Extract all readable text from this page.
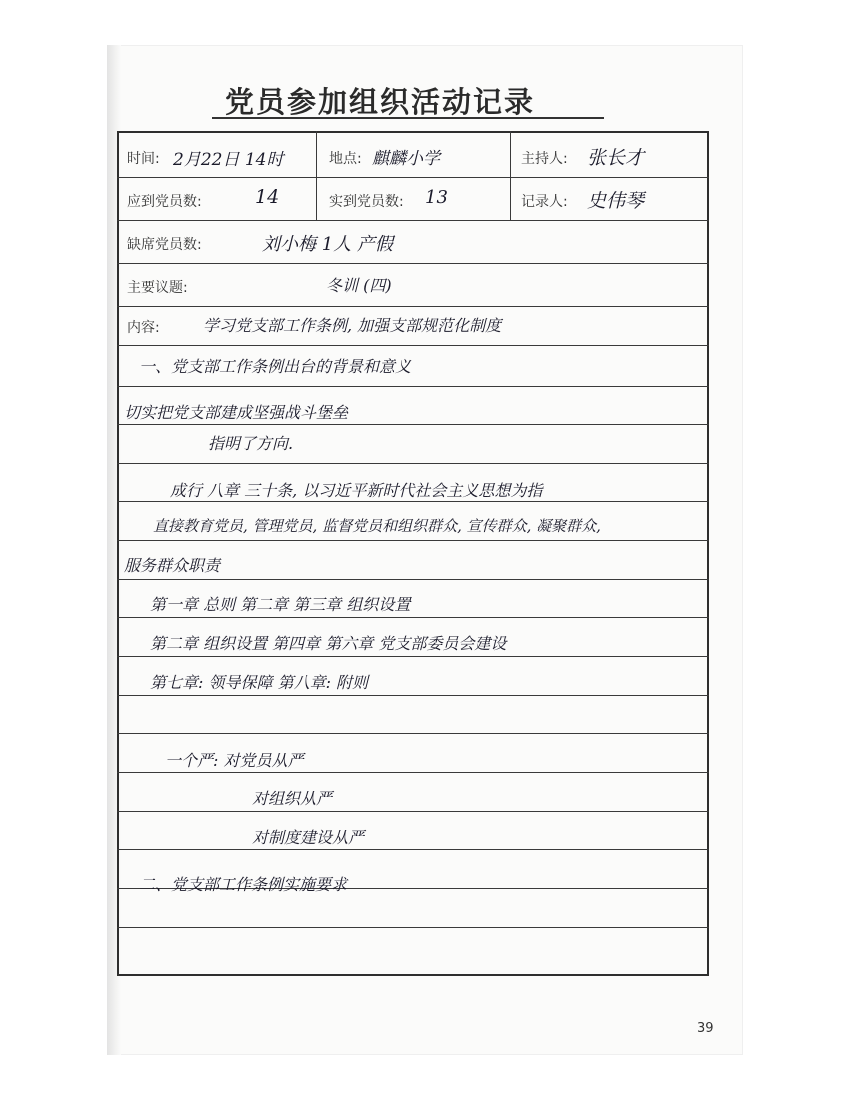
党员参加组织活动记录
时间: 2月22日 14时	地点: 麒麟小学	主持人: 张长才
应到党员数:	14	实到党员数: 13	记录人: 史伟琴
缺席党员数:	刘小梅 1人 产假
主要议题:	冬训 (四)
内容:	学习党支部工作条例, 加强支部规范化制度
一、党支部工作条例出台的背景和意义
切实把党支部建成坚强战斗堡垒
指明了方向.
成行 八章 三十条, 以习近平新时代社会主义思想为指
直接教育党员, 管理党员, 监督党员和组织群众, 宣传群众, 凝聚群众,
服务群众职责
第一章 总则 第二章 第三章 组织设置
第二章 组织设置 第四章 第六章 党支部委员会建设
第七章: 领导保障 第八章: 附则
一个严: 对党员从严
对组织从严
对制度建设从严
二、党支部工作条例实施要求
39
